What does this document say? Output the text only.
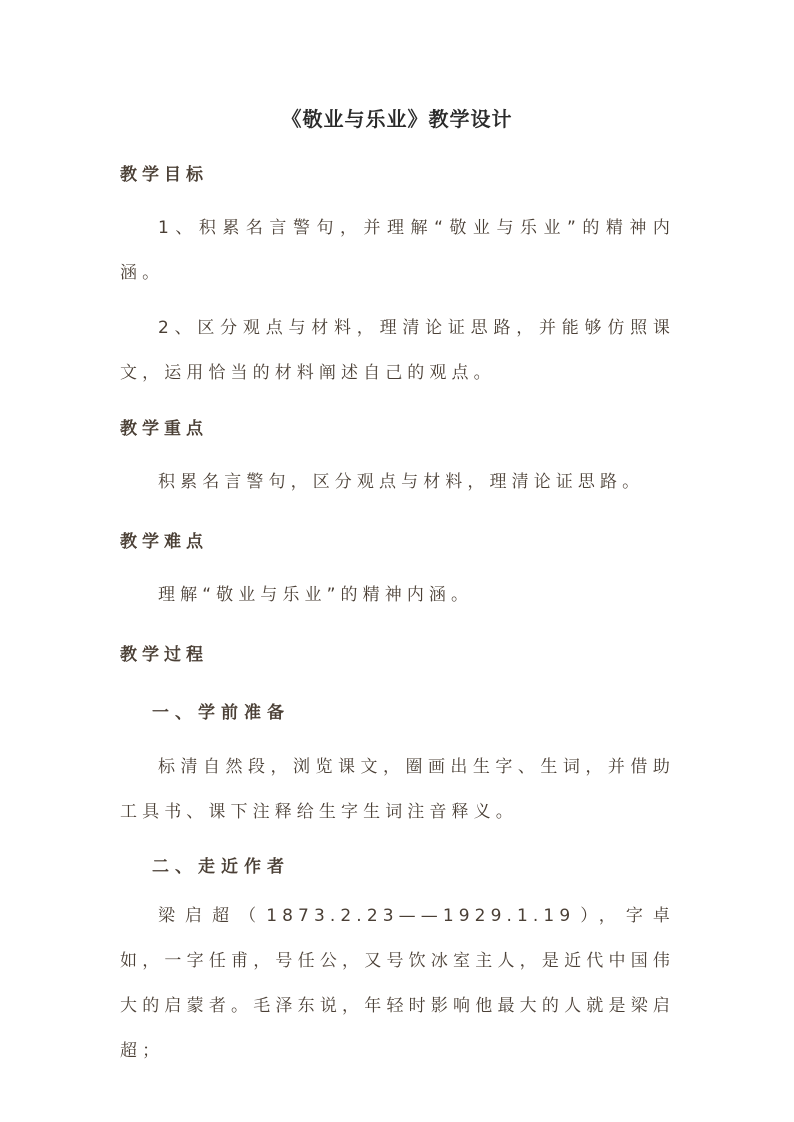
《敬业与乐业》教学设计
教学目标
1、积累名言警句，并理解“敬业与乐业”的精神内涵。
2、区分观点与材料，理清论证思路，并能够仿照课文，运用恰当的材料阐述自己的观点。
教学重点
积累名言警句，区分观点与材料，理清论证思路。
教学难点
理解“敬业与乐业”的精神内涵。
教学过程
一、学前准备
标清自然段，浏览课文，圈画出生字、生词，并借助工具书、课下注释给生字生词注音释义。
二、走近作者
梁启超（1873.2.23——1929.1.19），字卓如，一字任甫，号任公，又号饮冰室主人，是近代中国伟大的启蒙者。毛泽东说，年轻时影响他最大的人就是梁启超；
